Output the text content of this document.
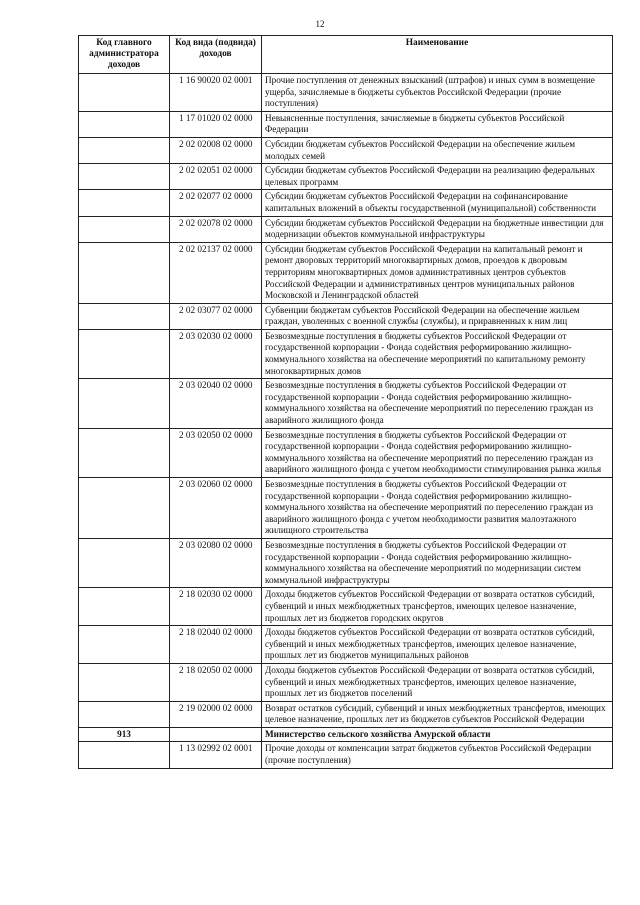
12
Код главного администратора доходов	Код вида (подвида) доходов	Наименование
	1 16 90020 02 0001	Прочие поступления от денежных взысканий (штрафов) и иных сумм в возмещение ущерба, зачисляемые в бюджеты субъектов Российской Федерации (прочие поступления)
	1 17 01020 02 0000	Невыясненные поступления, зачисляемые в бюджеты субъектов Российской Федерации
	2 02 02008 02 0000	Субсидии бюджетам субъектов Российской Федерации на обеспечение жильем молодых семей
	2 02 02051 02 0000	Субсидии бюджетам субъектов Российской Федерации на реализацию федеральных целевых программ
	2 02 02077 02 0000	Субсидии бюджетам субъектов Российской Федерации на софинансирование капитальных вложений в объекты государственной (муниципальной) собственности
	2 02 02078 02 0000	Субсидии бюджетам субъектов Российской Федерации на бюджетные инвестиции для модернизации объектов коммунальной инфраструктуры
	2 02 02137 02 0000	Субсидии бюджетам субъектов Российской Федерации на капитальный ремонт и ремонт дворовых территорий многоквартирных домов, проездов к дворовым территориям многоквартирных домов административных центров субъектов Российской Федерации и административных центров муниципальных районов Московской и Ленинградской областей
	2 02 03077 02 0000	Субвенции бюджетам субъектов Российской Федерации на обеспечение жильем граждан, уволенных с военной службы (службы), и приравненных к ним лиц
	2 03 02030 02 0000	Безвозмездные поступления в бюджеты субъектов Российской Федерации от государственной корпорации - Фонда содействия реформированию жилищно-коммунального хозяйства на обеспечение мероприятий по капитальному ремонту многоквартирных домов
	2 03 02040 02 0000	Безвозмездные поступления в бюджеты субъектов Российской Федерации от государственной корпорации - Фонда содействия реформированию жилищно-коммунального хозяйства на обеспечение мероприятий по переселению граждан из аварийного жилищного фонда
	2 03 02050 02 0000	Безвозмездные поступления в бюджеты субъектов Российской Федерации от государственной корпорации - Фонда содействия реформированию жилищно-коммунального хозяйства на обеспечение мероприятий по переселению граждан из аварийного жилищного фонда с учетом необходимости стимулирования рынка жилья
	2 03 02060 02 0000	Безвозмездные поступления в бюджеты субъектов Российской Федерации от государственной корпорации - Фонда содействия реформированию жилищно-коммунального хозяйства на обеспечение мероприятий по переселению граждан из аварийного жилищного фонда с учетом необходимости развития малоэтажного жилищного строительства
	2 03 02080 02 0000	Безвозмездные поступления в бюджеты субъектов Российской Федерации от государственной корпорации - Фонда содействия реформированию жилищно-коммунального хозяйства на обеспечение мероприятий по модернизации систем коммунальной инфраструктуры
	2 18 02030 02 0000	Доходы бюджетов субъектов Российской Федерации от возврата остатков субсидий, субвенций и иных межбюджетных трансфертов, имеющих целевое назначение, прошлых лет из бюджетов городских округов
	2 18 02040 02 0000	Доходы бюджетов субъектов Российской Федерации от возврата остатков субсидий, субвенций и иных межбюджетных трансфертов, имеющих целевое назначение, прошлых лет из бюджетов муниципальных районов
	2 18 02050 02 0000	Доходы бюджетов субъектов Российской Федерации от возврата остатков субсидий, субвенций и иных межбюджетных трансфертов, имеющих целевое назначение, прошлых лет из бюджетов поселений
	2 19 02000 02 0000	Возврат остатков субсидий, субвенций и иных межбюджетных трансфертов, имеющих целевое назначение, прошлых лет из бюджетов субъектов Российской Федерации
913		Министерство сельского хозяйства Амурской области
	1 13 02992 02 0001	Прочие доходы от компенсации затрат бюджетов субъектов Российской Федерации (прочие поступления)
